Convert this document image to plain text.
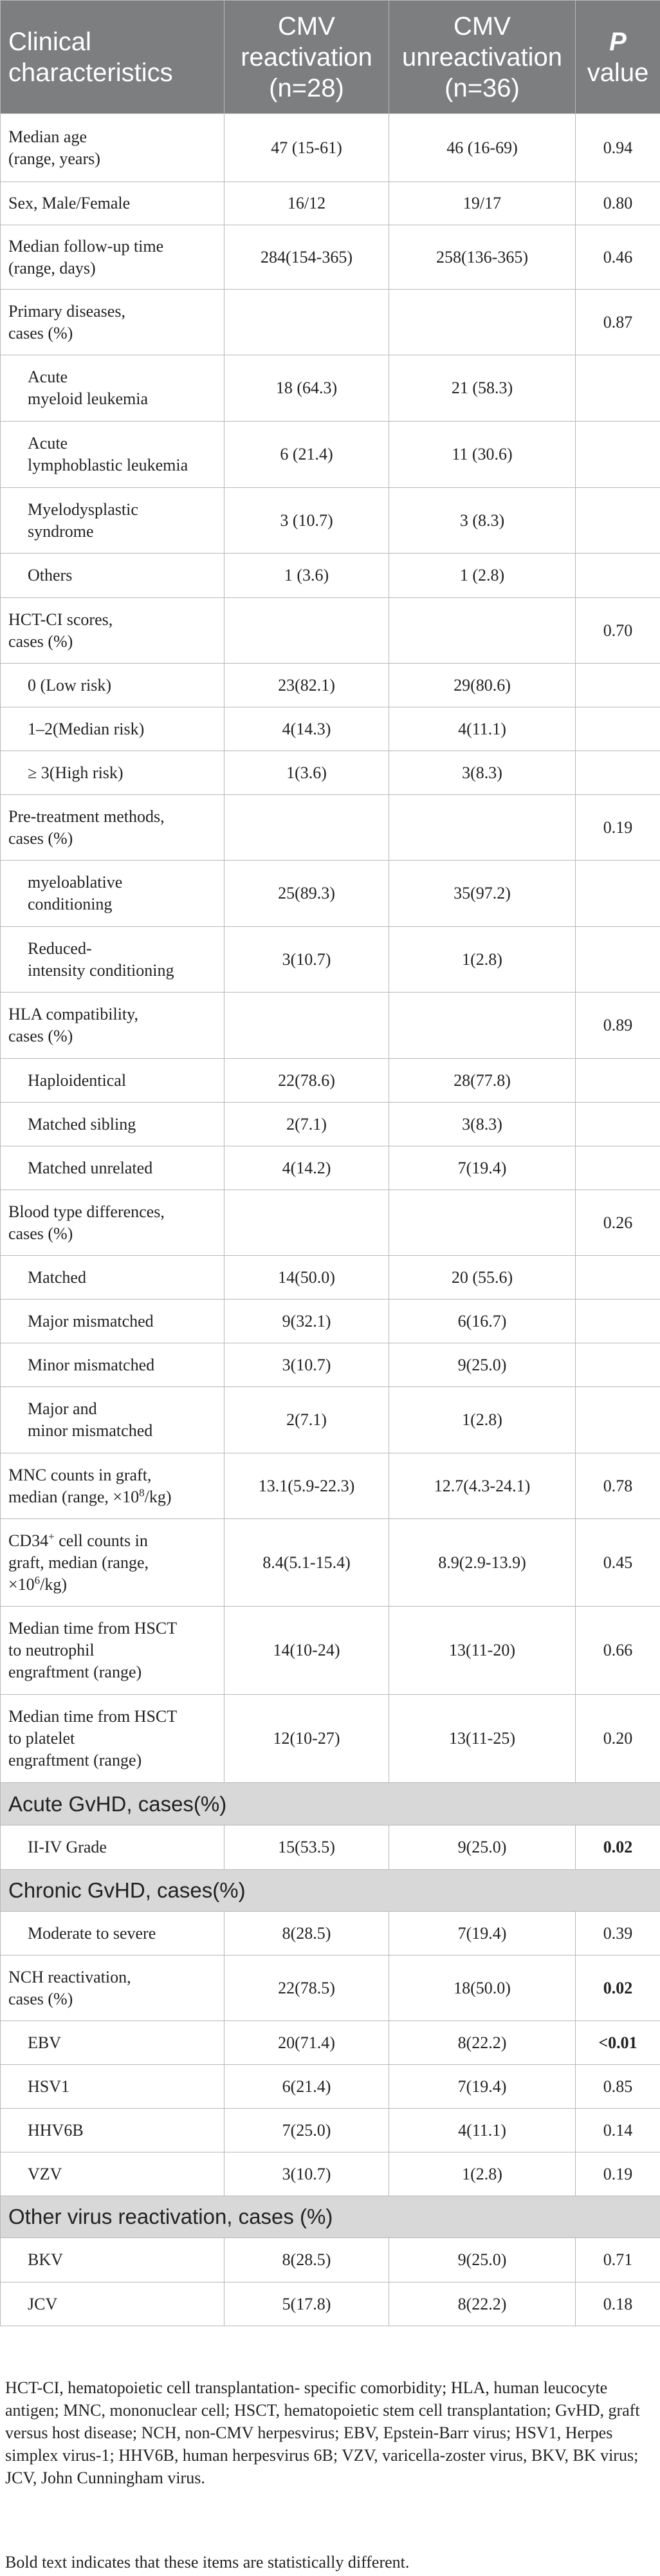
Clinical characteristics	CMV
reactivation
(n=28)	CMV
unreactivation
(n=36)	P
value
Median age
(range, years)	47 (15-61)	46 (16-69)	0.94
Sex, Male/Female	16/12	19/17	0.80
Median follow-up time
(range, days)	284(154-365)	258(136-365)	0.46
Primary diseases,
cases (%)			0.87
Acute
myeloid leukemia	18 (64.3)	21 (58.3)	
Acute
lymphoblastic leukemia	6 (21.4)	11 (30.6)	
Myelodysplastic
syndrome	3 (10.7)	3 (8.3)	
Others	1 (3.6)	1 (2.8)	
HCT-CI scores,
cases (%)			0.70
0 (Low risk)	23(82.1)	29(80.6)	
1–2(Median risk)	4(14.3)	4(11.1)	
≥ 3(High risk)	1(3.6)	3(8.3)	
Pre-treatment methods,
cases (%)			0.19
myeloablative
conditioning	25(89.3)	35(97.2)	
Reduced-
intensity conditioning	3(10.7)	1(2.8)	
HLA compatibility,
cases (%)			0.89
Haploidentical	22(78.6)	28(77.8)	
Matched sibling	2(7.1)	3(8.3)	
Matched unrelated	4(14.2)	7(19.4)	
Blood type differences,
cases (%)			0.26
Matched	14(50.0)	20 (55.6)	
Major mismatched	9(32.1)	6(16.7)	
Minor mismatched	3(10.7)	9(25.0)	
Major and
minor mismatched	2(7.1)	1(2.8)	
MNC counts in graft,
median (range, $\times 10^8/kg$)	13.1(5.9-22.3)	12.7(4.3-24.1)	0.78
CD34+ cell counts in
graft, median (range,
$\times 10^6/kg$)	8.4(5.1-15.4)	8.9(2.9-13.9)	0.45
Median time from HSCT
to neutrophil
engraftment (range)	14(10-24)	13(11-20)	0.66
Median time from HSCT
to platelet
engraftment (range)	12(10-27)	13(11-25)	0.20
Acute GvHD, cases(%)			
II-IV Grade	15(53.5)	9(25.0)	0.02
Chronic GvHD, cases(%)			
Moderate to severe	8(28.5)	7(19.4)	0.39
NCH reactivation,
cases (%)	22(78.5)	18(50.0)	0.02
EBV	20(71.4)	8(22.2)	<0.01
HSV1	6(21.4)	7(19.4)	0.85
HHV6B	7(25.0)	4(11.1)	0.14
VZV	3(10.7)	1(2.8)	0.19
Other virus reactivation, cases (%)			
BKV	8(28.5)	9(25.0)	0.71
JCV	5(17.8)	8(22.2)	0.18
HCT-CI, hematopoietic cell transplantation- specific comorbidity; HLA, human leucocyte antigen; MNC, mononuclear cell; HSCT, hematopoietic stem cell transplantation; GvHD, graft versus host disease; NCH, non-CMV herpesvirus; EBV, Epstein-Barr virus; HSV1, Herpes simplex virus-1; HHV6B, human herpesvirus 6B; VZV, varicella-zoster virus, BKV, BK virus; JCV, John Cunningham virus.
Bold text indicates that these items are statistically different.
